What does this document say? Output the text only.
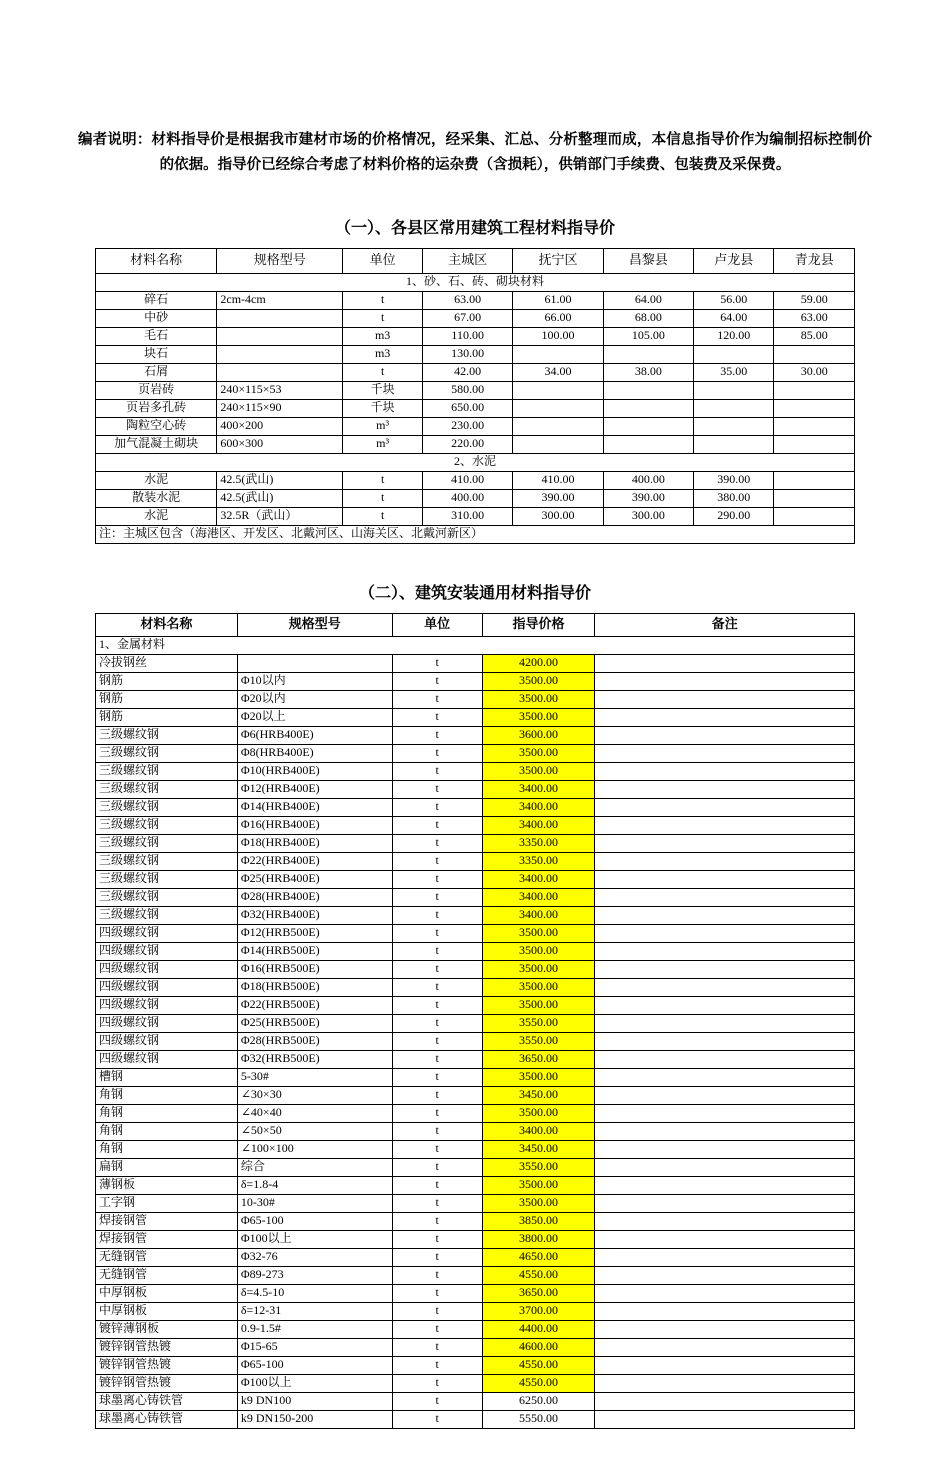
编者说明：材料指导价是根据我市建材市场的价格情况，经采集、汇总、分析整理而成，本信息指导价作为编制招标控制价的依据。指导价已经综合考虑了材料价格的运杂费（含损耗），供销部门手续费、包装费及采保费。
（一）、各县区常用建筑工程材料指导价
材料名称	规格型号	单位	主城区	抚宁区	昌黎县	卢龙县	青龙县
1、砂、石、砖、砌块材料							
碎石	2cm-4cm	t	63.00	61.00	64.00	56.00	59.00
中砂		t	67.00	66.00	68.00	64.00	63.00
毛石		m3	110.00	100.00	105.00	120.00	85.00
块石		m3	130.00				
石屑		t	42.00	34.00	38.00	35.00	30.00
页岩砖	240×115×53	千块	580.00				
页岩多孔砖	240×115×90	千块	650.00				
陶粒空心砖	400×200	m³	230.00				
加气混凝土砌块	600×300	m³	220.00				
2、水泥							
水泥	42.5(武山)	t	410.00	410.00	400.00	390.00	
散装水泥	42.5(武山)	t	400.00	390.00	390.00	380.00	
水泥	32.5R（武山）	t	310.00	300.00	300.00	290.00	
注：主城区包含（海港区、开发区、北戴河区、山海关区、北戴河新区）							
（二）、建筑安装通用材料指导价
材料名称	规格型号	单位	指导价格	备注
1、金属材料				
冷拔钢丝		t	4200.00	
钢筋	Φ10以内	t	3500.00	
钢筋	Φ20以内	t	3500.00	
钢筋	Φ20以上	t	3500.00	
三级螺纹钢	Φ6(HRB400E)	t	3600.00	
三级螺纹钢	Φ8(HRB400E)	t	3500.00	
三级螺纹钢	Φ10(HRB400E)	t	3500.00	
三级螺纹钢	Φ12(HRB400E)	t	3400.00	
三级螺纹钢	Φ14(HRB400E)	t	3400.00	
三级螺纹钢	Φ16(HRB400E)	t	3400.00	
三级螺纹钢	Φ18(HRB400E)	t	3350.00	
三级螺纹钢	Φ22(HRB400E)	t	3350.00	
三级螺纹钢	Φ25(HRB400E)	t	3400.00	
三级螺纹钢	Φ28(HRB400E)	t	3400.00	
三级螺纹钢	Φ32(HRB400E)	t	3400.00	
四级螺纹钢	Φ12(HRB500E)	t	3500.00	
四级螺纹钢	Φ14(HRB500E)	t	3500.00	
四级螺纹钢	Φ16(HRB500E)	t	3500.00	
四级螺纹钢	Φ18(HRB500E)	t	3500.00	
四级螺纹钢	Φ22(HRB500E)	t	3500.00	
四级螺纹钢	Φ25(HRB500E)	t	3550.00	
四级螺纹钢	Φ28(HRB500E)	t	3550.00	
四级螺纹钢	Φ32(HRB500E)	t	3650.00	
槽钢	5-30#	t	3500.00	
角钢	∠30×30	t	3450.00	
角钢	∠40×40	t	3500.00	
角钢	∠50×50	t	3400.00	
角钢	∠100×100	t	3450.00	
扁钢	综合	t	3550.00	
薄钢板	δ=1.8-4	t	3500.00	
工字钢	10-30#	t	3500.00	
焊接钢管	Φ65-100	t	3850.00	
焊接钢管	Φ100以上	t	3800.00	
无缝钢管	Φ32-76	t	4650.00	
无缝钢管	Φ89-273	t	4550.00	
中厚钢板	δ=4.5-10	t	3650.00	
中厚钢板	δ=12-31	t	3700.00	
镀锌薄钢板	0.9-1.5#	t	4400.00	
镀锌钢管热镀	Φ15-65	t	4600.00	
镀锌钢管热镀	Φ65-100	t	4550.00	
镀锌钢管热镀	Φ100以上	t	4550.00	
球墨离心铸铁管	k9 DN100	t	6250.00	
球墨离心铸铁管	k9 DN150-200	t	5550.00	
